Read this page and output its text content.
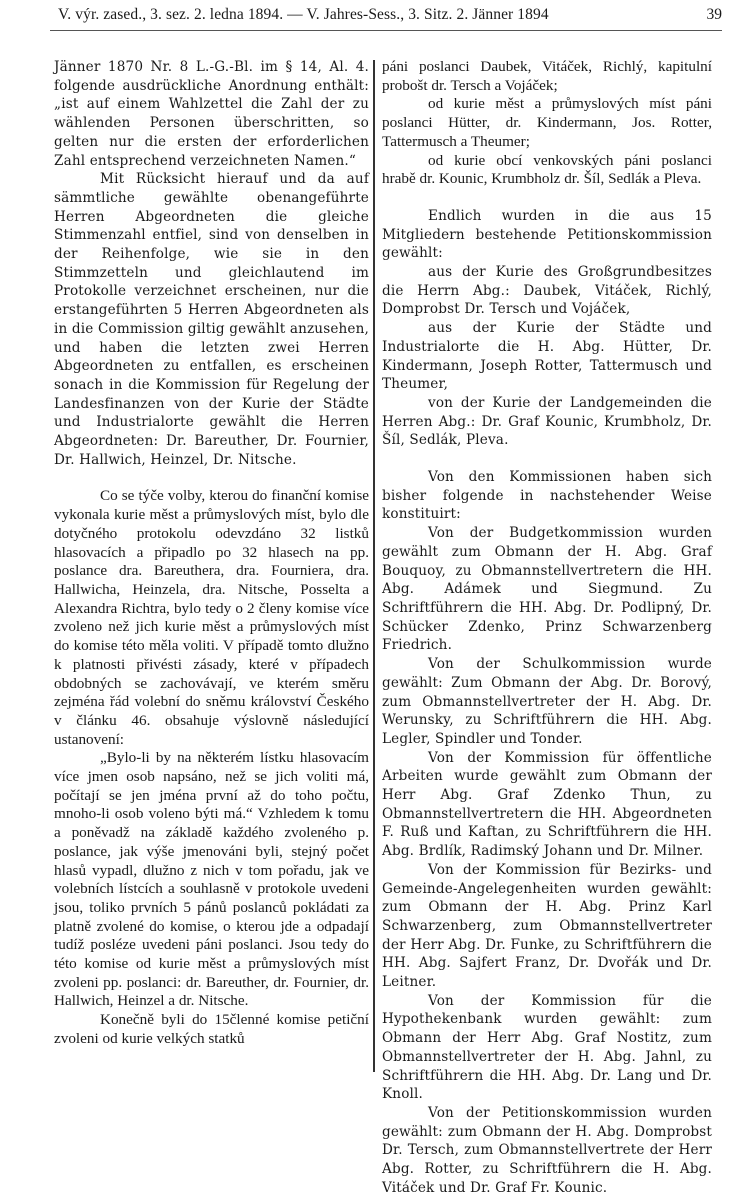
V. výr. zased., 3. sez. 2. ledna 1894. — V. Jahres-Sess., 3. Sitz. 2. Jänner 1894	39

Jänner 1870 Nr. 8 L.-G.-Bl. im § 14, Al. 4. folgende ausdrückliche Anordnung enthält: „ist auf einem Wahlzettel die Zahl der zu wählenden Personen überschritten, so gelten nur die ersten der erforderlichen Zahl entsprechend verzeichneten Namen.“

Mit Rücksicht hierauf und da auf sämmtliche gewählte obenangeführte Herren Abgeordneten die gleiche Stimmenzahl entfiel, sind von denselben in der Reihenfolge, wie sie in den Stimmzetteln und gleichlautend im Protokolle verzeichnet erscheinen, nur die erstangeführten 5 Herren Abgeordneten als in die Commission giltig gewählt anzusehen, und haben die letzten zwei Herren Abgeordneten zu entfallen, es erscheinen sonach in die Kommission für Regelung der Landesfinanzen von der Kurie der Städte und Industrialorte gewählt die Herren Abgeordneten: Dr. Bareuther, Dr. Fournier, Dr. Hallwich, Heinzel, Dr. Nitsche.

Co se týče volby, kterou do finanční komise vykonala kurie měst a průmyslových míst, bylo dle dotyčného protokolu odevzdáno 32 listků hlasovacích a připadlo po 32 hlasech na pp. poslance dra. Bareuthera, dra. Fourniera, dra. Hallwicha, Heinzela, dra. Nitsche, Posselta a Alexandra Richtra, bylo tedy o 2 členy komise více zvoleno než jich kurie měst a průmyslových míst do komise této měla voliti. V případě tomto dlužno k platnosti přivésti zásady, které v případech obdobných se zachovávají, ve kterém směru zejména řád volební do sněmu království Českého v článku 46. obsahuje výslovně následující ustanovení:

„Bylo-li by na některém lístku hlasovacím více jmen osob napsáno, než se jich voliti má, počítají se jen jména první až do toho počtu, mnoho-li osob voleno býti má.“ Vzhledem k tomu a poněvadž na základě každého zvoleného p. poslance, jak výše jmenováni byli, stejný počet hlasů vypadl, dlužno z nich v tom pořadu, jak ve volebních lístcích a souhlasně v protokole uvedeni jsou, toliko prvních 5 pánů poslanců pokládati za platně zvolené do komise, o kterou jde a odpadají tudíž posléze uvedeni páni poslanci. Jsou tedy do této komise od kurie měst a průmyslových míst zvoleni pp. poslanci: dr. Bareuther, dr. Fournier, dr. Hallwich, Heinzel a dr. Nitsche.

Konečně byli do 15členné komise petiční zvoleni od kurie velkých statků

páni poslanci Daubek, Vitáček, Richlý, kapitulní probošt dr. Tersch a Vojáček;

od kurie měst a průmyslových míst páni poslanci Hütter, dr. Kindermann, Jos. Rotter, Tattermusch a Theumer;

od kurie obcí venkovských páni poslanci hrabě dr. Kounic, Krumbholz dr. Šíl, Sedlák a Pleva.

Endlich wurden in die aus 15 Mitgliedern bestehende Petitionskommission gewählt:

aus der Kurie des Großgrundbesitzes die Herrn Abg.: Daubek, Vitáček, Richlý, Domprobst Dr. Tersch und Vojáček,

aus der Kurie der Städte und Industrialorte die H. Abg. Hütter, Dr. Kindermann, Joseph Rotter, Tattermusch und Theumer,

von der Kurie der Landgemeinden die Herren Abg.: Dr. Graf Kounic, Krumbholz, Dr. Šíl, Sedlák, Pleva.

Von den Kommissionen haben sich bisher folgende in nachstehender Weise konstituirt:

Von der Budgetkommission wurden gewählt zum Obmann der H. Abg. Graf Bouquoy, zu Obmannstellvertretern die HH. Abg. Adámek und Siegmund. Zu Schriftführern die HH. Abg. Dr. Podlipný, Dr. Schücker Zdenko, Prinz Schwarzenberg Friedrich.

Von der Schulkommission wurde gewählt: Zum Obmann der Abg. Dr. Borový, zum Obmannstellvertreter der H. Abg. Dr. Werunsky, zu Schriftführern die HH. Abg. Legler, Spindler und Tonder.

Von der Kommission für öffentliche Arbeiten wurde gewählt zum Obmann der Herr Abg. Graf Zdenko Thun, zu Obmannstellvertretern die HH. Abgeordneten F. Ruß und Kaftan, zu Schriftführern die HH. Abg. Brdlík, Radimský Johann und Dr. Milner.

Von der Kommission für Bezirks- und Gemeinde-Angelegenheiten wurden gewählt: zum Obmann der H. Abg. Prinz Karl Schwarzenberg, zum Obmannstellvertreter der Herr Abg. Dr. Funke, zu Schriftführern die HH. Abg. Sajfert Franz, Dr. Dvořák und Dr. Leitner.

Von der Kommission für die Hypothekenbank wurden gewählt: zum Obmann der Herr Abg. Graf Nostitz, zum Obmannstellvertreter der H. Abg. Jahnl, zu Schriftführern die HH. Abg. Dr. Lang und Dr. Knoll.

Von der Petitionskommission wurden gewählt: zum Obmann der H. Abg. Domprobst Dr. Tersch, zum Obmannstellvertrete der Herr Abg. Rotter, zu Schriftführern die H. Abg. Vitáček und Dr. Graf Fr. Kounic.
